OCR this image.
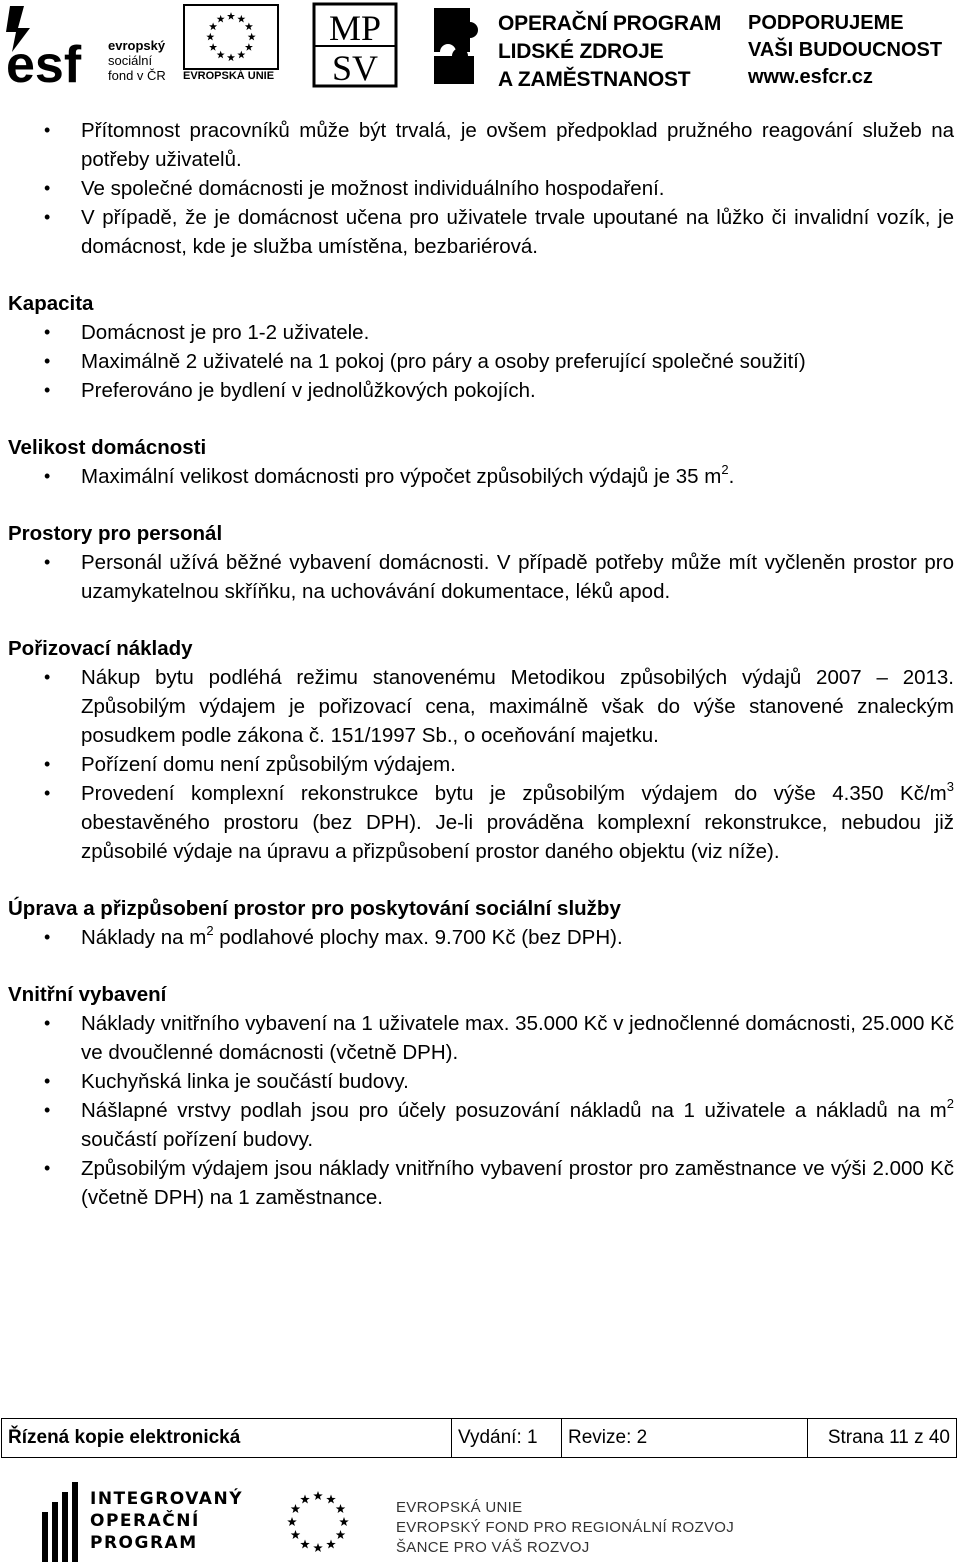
esf evropský
sociální
fond v ČR EVROPSKÁ UNIE
MP
SV
OPERAČNÍ PROGRAM
LIDSKÉ ZDROJE
A ZAMĚSTNANOST
PODPORUJEME
VAŠI BUDOUCNOST
www.esfcr.cz
• Přítomnost pracovníků může být trvalá, je ovšem předpoklad pružného reagování služeb na potřeby uživatelů.
• Ve společné domácnosti je možnost individuálního hospodaření.
• V případě, že je domácnost učena pro uživatele trvale upoutané na lůžko či invalidní vozík, je domácnost, kde je služba umístěna, bezbariérová.

Kapacita

• Domácnost je pro 1-2 uživatele.
• Maximálně 2 uživatelé na 1 pokoj (pro páry a osoby preferující společné soužití)
• Preferováno je bydlení v jednolůžkových pokojích.

Velikost domácnosti

• Maximální velikost domácnosti pro výpočet způsobilých výdajů je 35 $m^2$.

Prostory pro personál

• Personál užívá běžné vybavení domácnosti. V případě potřeby může mít vyčleněn prostor pro uzamykatelnou skříňku, na uchovávání dokumentace, léků apod.

Pořizovací náklady

• Nákup bytu podléhá režimu stanovenému Metodikou způsobilých výdajů 2007 – 2013. Způsobilým výdajem je pořizovací cena, maximálně však do výše stanovené znaleckým posudkem podle zákona č. 151/1997 Sb., o oceňování majetku.
• Pořízení domu není způsobilým výdajem.
• Provedení komplexní rekonstrukce bytu je způsobilým výdajem do výše 4.350 $Kč/m^3$ obestavěného prostoru (bez DPH). Je-li prováděna komplexní rekonstrukce, nebudou již způsobilé výdaje na úpravu a přizpůsobení prostor daného objektu (viz níže).

Úprava a přizpůsobení prostor pro poskytování sociální služby

• Náklady na $m^2$ podlahové plochy max. 9.700 Kč (bez DPH).

Vnitřní vybavení

• Náklady vnitřního vybavení na 1 uživatele max. 35.000 Kč v jednočlenné domácnosti, 25.000 Kč ve dvoučlenné domácnosti (včetně DPH).
• Kuchyňská linka je součástí budovy.
• Nášlapné vrstvy podlah jsou pro účely posuzování nákladů na 1 uživatele a nákladů na $m^2$ součástí pořízení budovy.
• Způsobilým výdajem jsou náklady vnitřního vybavení prostor pro zaměstnance ve výši 2.000 Kč (včetně DPH) na 1 zaměstnance.
Řízená kopie elektronická	Vydání: 1	Revize: 2	Strana 11 z 40
INTEGROVANÝ
OPERAČNÍ
PROGRAM
EVROPSKÁ UNIE
EVROPSKÝ FOND PRO REGIONÁLNÍ ROZVOJ
ŠANCE PRO VÁŠ ROZVOJ
